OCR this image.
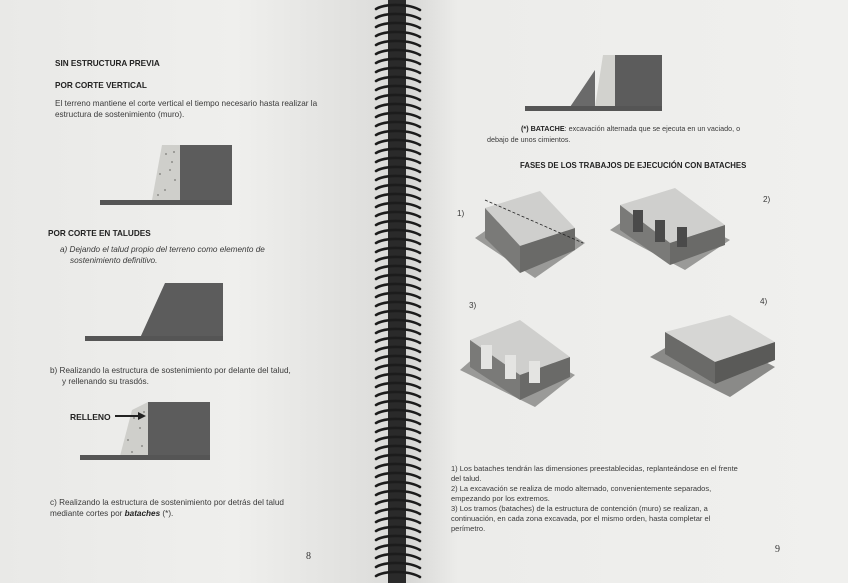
SIN ESTRUCTURA PREVIA
POR CORTE VERTICAL
El terreno mantiene el corte vertical el tiempo necesario hasta realizar la
estructura de sostenimiento (muro).
POR CORTE EN TALUDES
a) Dejando el talud propio del terreno como elemento de
sostenimiento definitivo.
b) Realizando la estructura de sostenimiento por delante del talud,
y rellenando su trasdós.
RELLENO
c) Realizando la estructura de sostenimiento por detrás del talud
mediante cortes por bataches (*).
8
(*) BATACHE: excavación alternada que se ejecuta en un vaciado, o
debajo de unos cimientos.
FASES DE LOS TRABAJOS DE EJECUCIÓN CON BATACHES
1)
2)
3)	4)
1) Los bataches tendrán las dimensiones preestablecidas, replanteándose en el frente
del talud.
2) La excavación se realiza de modo alternado, convenientemente separados,
empezando por los extremos.
3) Los tramos (bataches) de la estructura de contención (muro) se realizan, a
continuación, en cada zona excavada, por el mismo orden, hasta completar el
perímetro.
9
